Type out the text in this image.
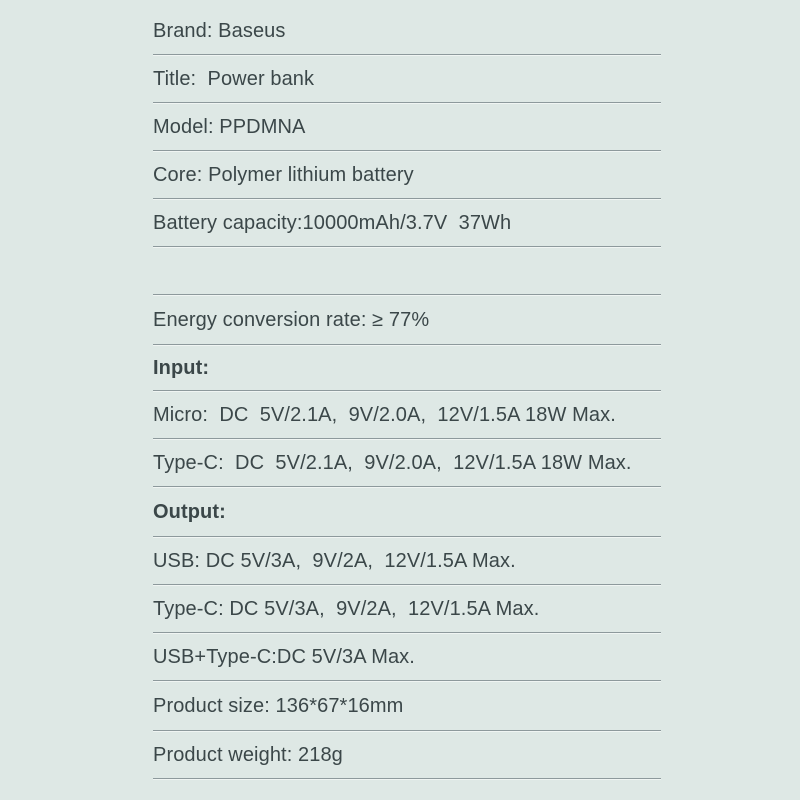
Brand: Baseus
Title:  Power bank
Model: PPDMNA
Core: Polymer lithium battery
Battery capacity:10000mAh/3.7V  37Wh
Energy conversion rate: ≥ 77%
Input:
Micro:  DC  5V/2.1A,  9V/2.0A,  12V/1.5A 18W Max.
Type-C:  DC  5V/2.1A,  9V/2.0A,  12V/1.5A 18W Max.
Output:
USB: DC 5V/3A,  9V/2A,  12V/1.5A Max.
Type-C: DC 5V/3A,  9V/2A,  12V/1.5A Max.
USB+Type-C:DC 5V/3A Max.
Product size: 136*67*16mm
Product weight: 218g
